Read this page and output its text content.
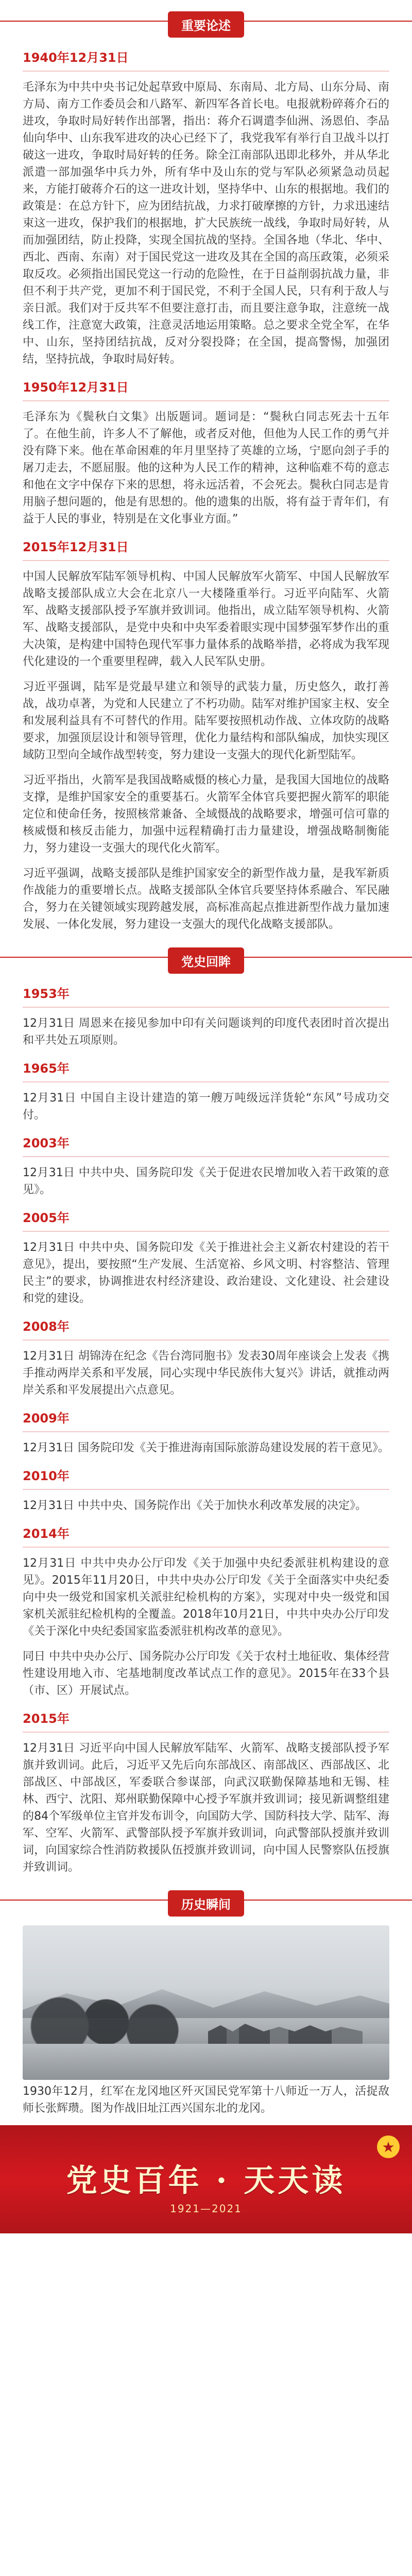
重要论述
1940年12月31日

毛泽东为中共中央书记处起草致中原局、东南局、北方局、山东分局、南方局、南方工作委员会和八路军、新四军各首长电。电报就粉碎蒋介石的进攻，争取时局好转作出部署，指出：蒋介石调遣李仙洲、汤恩伯、李品仙向华中、山东我军进攻的决心已经下了，我党我军有举行自卫战斗以打破这一进攻，争取时局好转的任务。除全江南部队迅即北移外，并从华北派遣一部加强华中兵力外，所有华中及山东的党与军队必须紧急动员起来，方能打破蒋介石的这一进攻计划，坚持华中、山东的根据地。我们的政策是：在总方针下，应为团结抗战，力求打破摩擦的方针，力求迅速结束这一进攻，保护我们的根据地，扩大民族统一战线，争取时局好转，从而加强团结，防止投降，实现全国抗战的坚持。全国各地（华北、华中、西北、西南、东南）对于国民党这一进攻及其在全国的高压政策，必须采取反攻。必须指出国民党这一行动的危险性，在于日益削弱抗战力量，非但不利于共产党，更加不利于国民党，不利于全国人民，只有利于敌人与亲日派。我们对于反共军不但要注意打击，而且要注意争取，注意统一战线工作，注意宽大政策，注意灵活地运用策略。总之要求全党全军，在华中、山东，坚持团结抗战，反对分裂投降；在全国，提高警惕，加强团结，坚持抗战，争取时局好转。

1950年12月31日

毛泽东为《鬓秋白文集》出版题词。题词是：“鬓秋白同志死去十五年了。在他生前，许多人不了解他，或者反对他，但他为人民工作的勇气并没有降下来。他在革命困难的年月里坚持了英雄的立场，宁愿向刽子手的屠刀走去，不愿屈服。他的这种为人民工作的精神，这种临难不苟的意志和他在文字中保存下来的思想，将永远活着，不会死去。鬓秋白同志是肯用脑子想问题的，他是有思想的。他的遗集的出版，将有益于青年们，有益于人民的事业，特别是在文化事业方面。”

2015年12月31日

中国人民解放军陆军领导机构、中国人民解放军火箭军、中国人民解放军战略支援部队成立大会在北京八一大楼隆重举行。习近平向陆军、火箭军、战略支援部队授予军旗并致训词。他指出，成立陆军领导机构、火箭军、战略支援部队，是党中央和中央军委着眼实现中国梦强军梦作出的重大决策，是构建中国特色现代军事力量体系的战略举措，必将成为我军现代化建设的一个重要里程碑，载入人民军队史册。

习近平强调，陆军是党最早建立和领导的武装力量，历史悠久，敢打善战，战功卓著，为党和人民建立了不朽功勋。陆军对维护国家主权、安全和发展利益具有不可替代的作用。陆军要按照机动作战、立体攻防的战略要求，加强顶层设计和领导管理，优化力量结构和部队编成，加快实现区域防卫型向全域作战型转变，努力建设一支强大的现代化新型陆军。

习近平指出，火箭军是我国战略威慑的核心力量，是我国大国地位的战略支撑，是维护国家安全的重要基石。火箭军全体官兵要把握火箭军的职能定位和使命任务，按照核常兼备、全域慑战的战略要求，增强可信可靠的核威慑和核反击能力，加强中远程精确打击力量建设，增强战略制衡能力，努力建设一支强大的现代化火箭军。

习近平强调，战略支援部队是维护国家安全的新型作战力量，是我军新质作战能力的重要增长点。战略支援部队全体官兵要坚持体系融合、军民融合，努力在关键领域实现跨越发展，高标准高起点推进新型作战力量加速发展、一体化发展，努力建设一支强大的现代化战略支援部队。

党史回眸
1953年

12月31日 周恩来在接见参加中印有关问题谈判的印度代表团时首次提出和平共处五项原则。

1965年

12月31日 中国自主设计建造的第一艘万吨级远洋货轮“东风”号成功交付。

2003年

12月31日 中共中央、国务院印发《关于促进农民增加收入若干政策的意见》。

2005年

12月31日 中共中央、国务院印发《关于推进社会主义新农村建设的若干意见》，提出，要按照“生产发展、生活宽裕、乡风文明、村容整洁、管理民主”的要求，协调推进农村经济建设、政治建设、文化建设、社会建设和党的建设。

2008年

12月31日 胡锦涛在纪念《告台湾同胞书》发表30周年座谈会上发表《携手推动两岸关系和平发展，同心实现中华民族伟大复兴》讲话，就推动两岸关系和平发展提出六点意见。

2009年

12月31日 国务院印发《关于推进海南国际旅游岛建设发展的若干意见》。

2010年

12月31日 中共中央、国务院作出《关于加快水利改革发展的决定》。

2014年

12月31日 中共中央办公厅印发《关于加强中央纪委派驻机构建设的意见》。2015年11月20日，中共中央办公厅印发《关于全面落实中央纪委向中央一级党和国家机关派驻纪检机构的方案》，实现对中央一级党和国家机关派驻纪检机构的全覆盖。2018年10月21日，中共中央办公厅印发《关于深化中央纪委国家监委派驻机构改革的意见》。

同日 中共中央办公厅、国务院办公厅印发《关于农村土地征收、集体经营性建设用地入市、宅基地制度改革试点工作的意见》。2015年在33个县（市、区）开展试点。

2015年

12月31日 习近平向中国人民解放军陆军、火箭军、战略支援部队授予军旗并致训词。此后，习近平又先后向东部战区、南部战区、西部战区、北部战区、中部战区，军委联合参谋部，向武汉联勤保障基地和无锡、桂林、西宁、沈阳、郑州联勤保障中心授予军旗并致训词；接见新调整组建的84个军级单位主官并发布训令，向国防大学、国防科技大学、陆军、海军、空军、火箭军、武警部队授予军旗并致训词，向武警部队授旗并致训词，向国家综合性消防救援队伍授旗并致训词，向中国人民警察队伍授旗并致训词。

历史瞬间

1930年12月，红军在龙冈地区歼灭国民党军第十八师近一万人，活捉敌师长张辉瓒。图为作战旧址江西兴国东北的龙冈。

★
党史百年 · 天天读
1921—2021
